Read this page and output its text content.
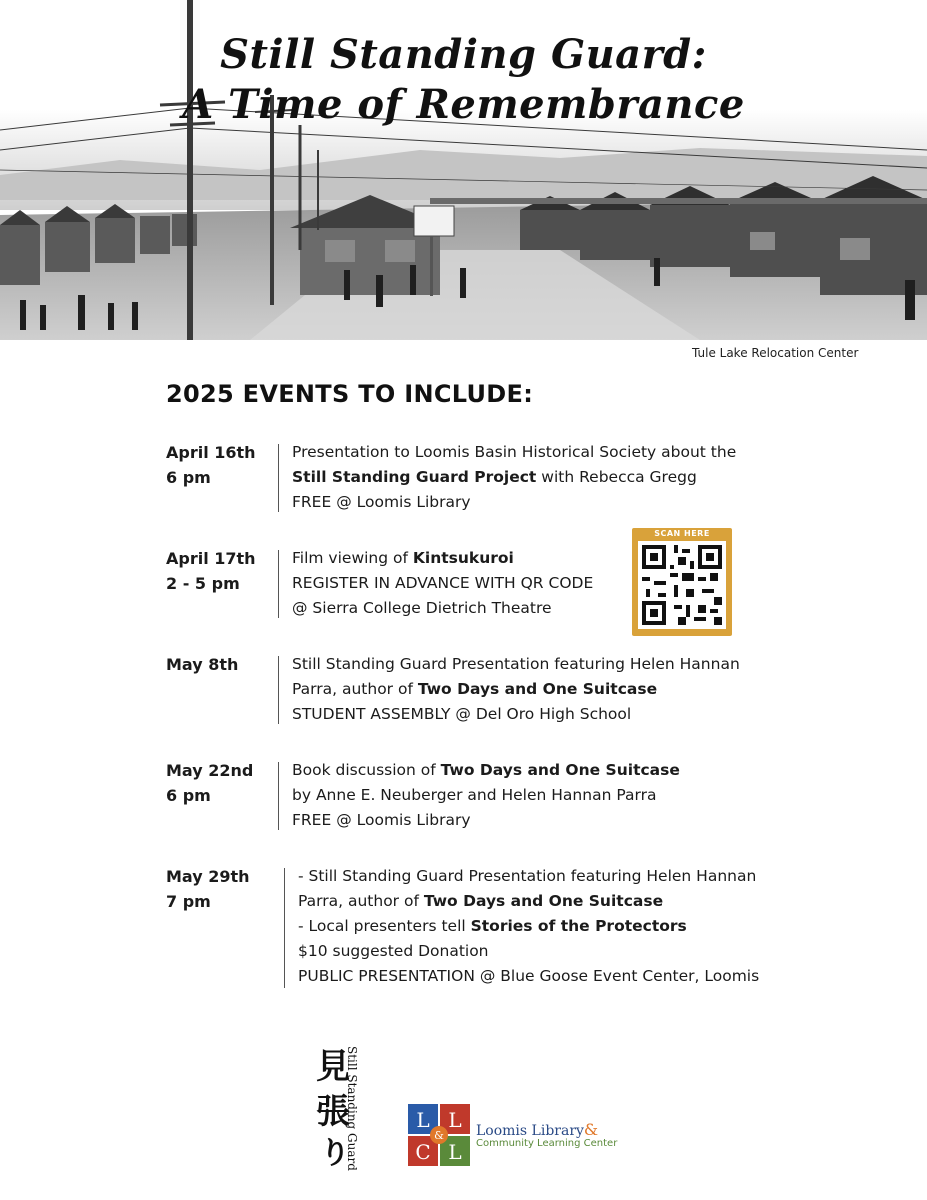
Still Standing Guard:
A Time of Remembrance
Tule Lake Relocation Center
2025 EVENTS TO INCLUDE:
April 16th
6 pm
Presentation to Loomis Basin Historical Society about the
Still Standing Guard Project with Rebecca Gregg
FREE @ Loomis Library
April 17th
2 - 5 pm
Film viewing of Kintsukuroi
REGISTER IN ADVANCE WITH QR CODE
@ Sierra College Dietrich Theatre
SCAN HERE
May 8th	Still Standing Guard Presentation featuring Helen Hannan
Parra, author of Two Days and One Suitcase
STUDENT ASSEMBLY @ Del Oro High School
May 22nd
6 pm
Book discussion of Two Days and One Suitcase
by Anne E. Neuberger and Helen Hannan Parra
FREE @ Loomis Library
May 29th
7 pm
- Still Standing Guard Presentation featuring Helen Hannan
Parra, author of Two Days and One Suitcase
- Local presenters tell Stories of the Protectors
$10 suggested Donation
PUBLIC PRESENTATION @ Blue Goose Event Center, Loomis
見
張
り
Still Standing Guard	L L
&
C L
Loomis Library&
Community Learning Center
